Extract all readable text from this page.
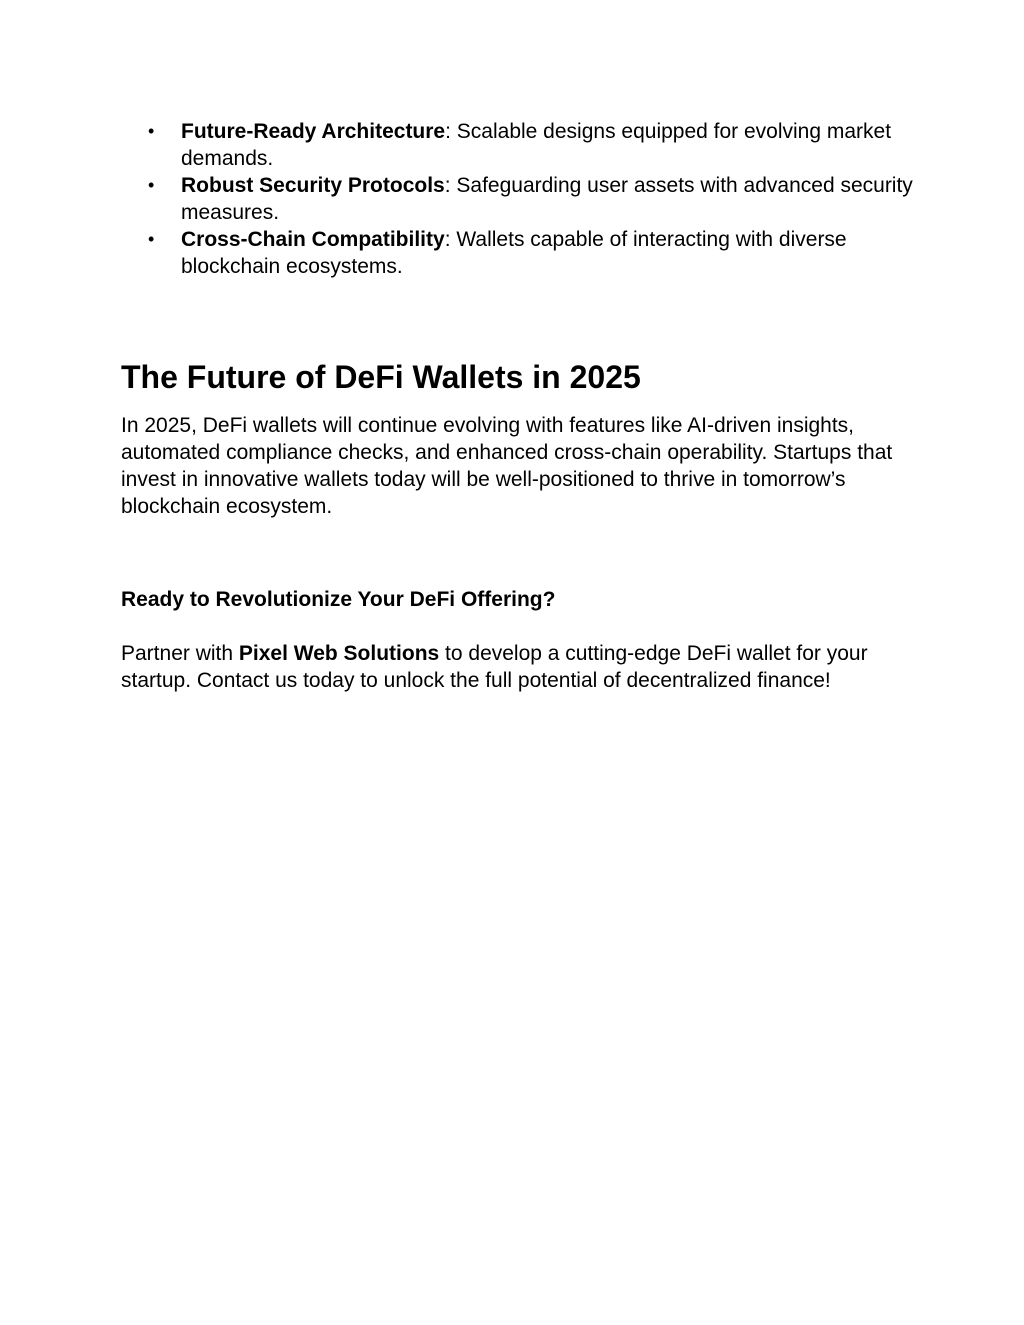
• Future-Ready Architecture: Scalable designs equipped for evolving market demands.
• Robust Security Protocols: Safeguarding user assets with advanced security measures.
• Cross-Chain Compatibility: Wallets capable of interacting with diverse blockchain ecosystems.
The Future of DeFi Wallets in 2025

In 2025, DeFi wallets will continue evolving with features like AI-driven insights, automated compliance checks, and enhanced cross-chain operability. Startups that invest in innovative wallets today will be well-positioned to thrive in tomorrow’s blockchain ecosystem.

Ready to Revolutionize Your DeFi Offering?

Partner with Pixel Web Solutions to develop a cutting-edge DeFi wallet for your startup. Contact us today to unlock the full potential of decentralized finance!
